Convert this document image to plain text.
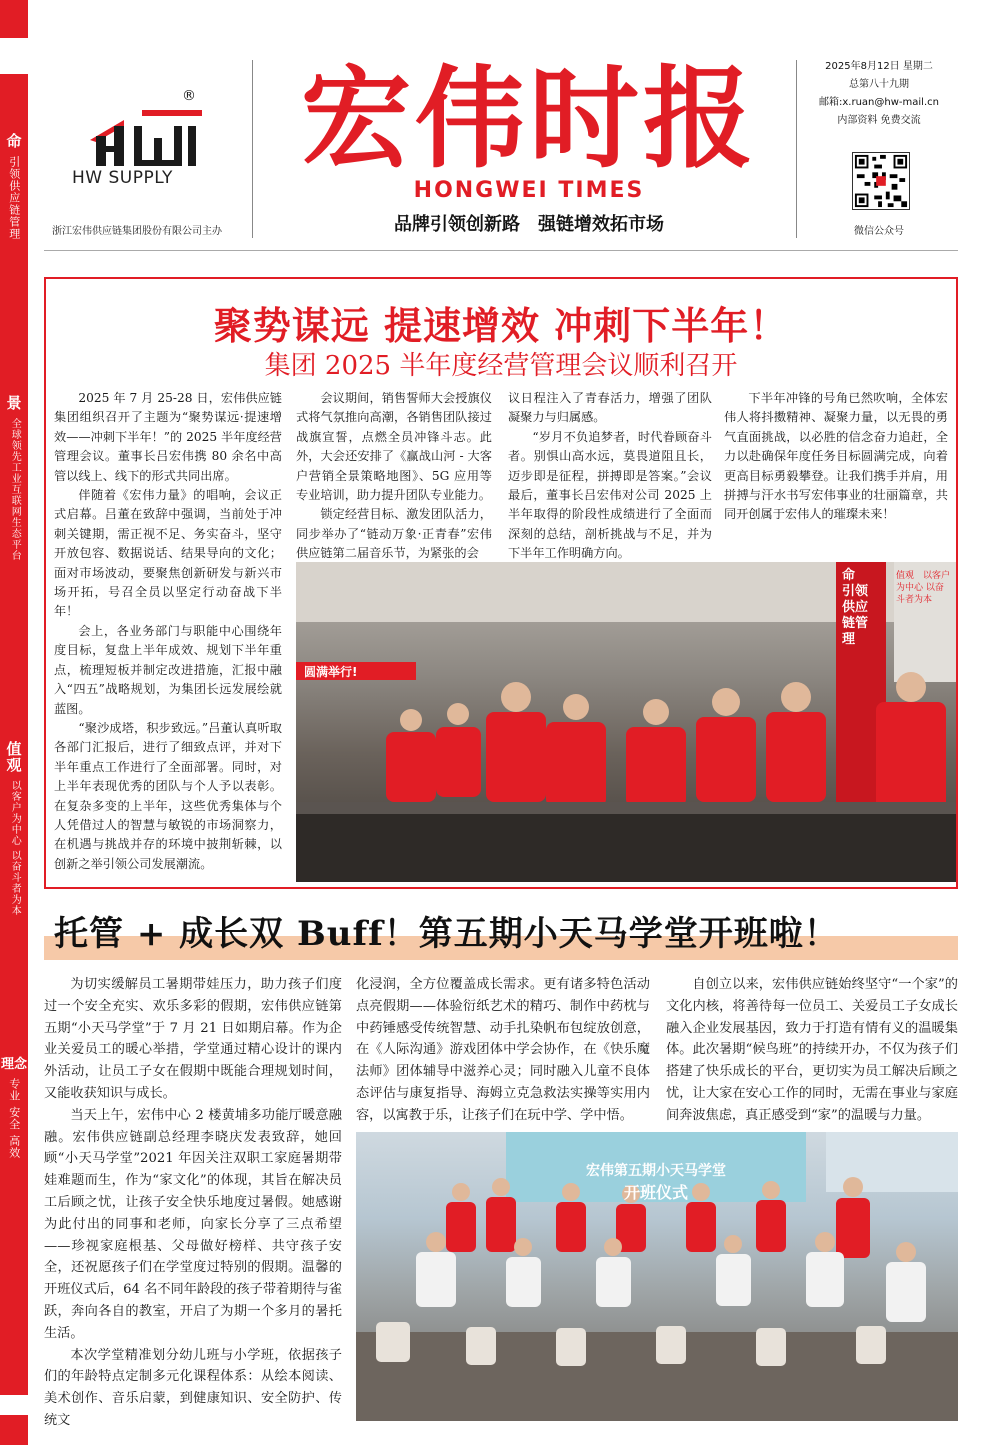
命
引领供应链管理
景
全球领先工业互联网生态平台
值观
以客户为中心 以奋斗者为本
理念
专业 安全 高效
®
HW SUPPLY
浙江宏伟供应链集团股份有限公司主办
宏伟时报
HONGWEI TIMES
品牌引领创新路　强链增效拓市场
2025年8月12日 星期二
总第八十九期
邮箱:x.ruan@hw-mail.cn
内部资料 免费交流
微信公众号
聚势谋远 提速增效 冲刺下半年！
集团 2025 半年度经营管理会议顺利召开

2025 年 7 月 25-28 日，宏伟供应链集团组织召开了主题为“聚势谋远·提速增效——冲刺下半年！”的 2025 半年度经营管理会议。董事长吕宏伟携 80 余名中高管以线上、线下的形式共同出席。

伴随着《宏伟力量》的唱响，会议正式启幕。吕董在致辞中强调，当前处于冲刺关键期，需正视不足、务实奋斗，坚守开放包容、数据说话、结果导向的文化；面对市场波动，要聚焦创新研发与新兴市场开拓，号召全员以坚定行动奋战下半年！

会上，各业务部门与职能中心围绕年度目标，复盘上半年成效、规划下半年重点，梳理短板并制定改进措施，汇报中融入“四五”战略规划，为集团长远发展绘就蓝图。

“聚沙成塔，积步致远。”吕董认真听取各部门汇报后，进行了细致点评，并对下半年重点工作进行了全面部署。同时，对上半年表现优秀的团队与个人予以表彰。在复杂多变的上半年，这些优秀集体与个人凭借过人的智慧与敏锐的市场洞察力，在机遇与挑战并存的环境中披荆斩棘，以创新之举引领公司发展潮流。

会议期间，销售誓师大会授旗仪式将气氛推向高潮，各销售团队接过战旗宣誓，点燃全员冲锋斗志。此外，大会还安排了《赢战山河 - 大客户营销全景策略地图》、5G 应用等专业培训，助力提升团队专业能力。

锁定经营目标、激发团队活力，同步举办了“链动万象·正青春”宏伟供应链第二届音乐节，为紧张的会

议日程注入了青春活力，增强了团队凝聚力与归属感。

“岁月不负追梦者，时代眷顾奋斗者。别惧山高水远，莫畏道阻且长，迈步即是征程，拼搏即是答案。”会议最后，董事长吕宏伟对公司 2025 上半年取得的阶段性成绩进行了全面而深刻的总结，剖析挑战与不足，并为下半年工作明确方向。

下半年冲锋的号角已然吹响，全体宏伟人将抖擞精神、凝聚力量，以无畏的勇气直面挑战，以必胜的信念奋力追赶，全力以赴确保年度任务目标圆满完成，向着更高目标勇毅攀登。让我们携手并肩，用拼搏与汗水书写宏伟事业的壮丽篇章，共同开创属于宏伟人的璀璨未来！

圆满举行!
命　引领供应链管理
值观　以客户为中心 以奋斗者为本
托管 + 成长双 Buff！第五期小天马学堂开班啦！

为切实缓解员工暑期带娃压力，助力孩子们度过一个安全充实、欢乐多彩的假期，宏伟供应链第五期“小天马学堂”于 7 月 21 日如期启幕。作为企业关爱员工的暖心举措，学堂通过精心设计的课内外活动，让员工子女在假期中既能合理规划时间，又能收获知识与成长。

当天上午，宏伟中心 2 楼黄埔多功能厅暖意融融。宏伟供应链副总经理李晓庆发表致辞，她回顾“小天马学堂”2021 年因关注双职工家庭暑期带娃难题而生，作为“家文化”的体现，其旨在解决员工后顾之忧，让孩子安全快乐地度过暑假。她感谢为此付出的同事和老师，向家长分享了三点希望——珍视家庭根基、父母做好榜样、共守孩子安全，还祝愿孩子们在学堂度过特别的假期。温馨的开班仪式后，64 名不同年龄段的孩子带着期待与雀跃，奔向各自的教室，开启了为期一个多月的暑托生活。

本次学堂精准划分幼儿班与小学班，依据孩子们的年龄特点定制多元化课程体系：从绘本阅读、美术创作、音乐启蒙，到健康知识、安全防护、传统文

化浸润，全方位覆盖成长需求。更有诸多特色活动点亮假期——体验衍纸艺术的精巧、制作中药枕与中药锤感受传统智慧、动手扎染帆布包绽放创意，在《人际沟通》游戏团体中学会协作，在《快乐魔法师》团体辅导中滋养心灵；同时融入儿童不良体态评估与康复指导、海姆立克急救法实操等实用内容，以寓教于乐，让孩子们在玩中学、学中悟。

自创立以来，宏伟供应链始终坚守“一个家”的文化内核，将善待每一位员工、关爱员工子女成长融入企业发展基因，致力于打造有情有义的温暖集体。此次暑期“候鸟班”的持续开办，不仅为孩子们搭建了快乐成长的平台，更切实为员工解决后顾之忧，让大家在安心工作的同时，无需在事业与家庭间奔波焦虑，真正感受到“家”的温暖与力量。

宏伟第五期小天马学堂
开班仪式
